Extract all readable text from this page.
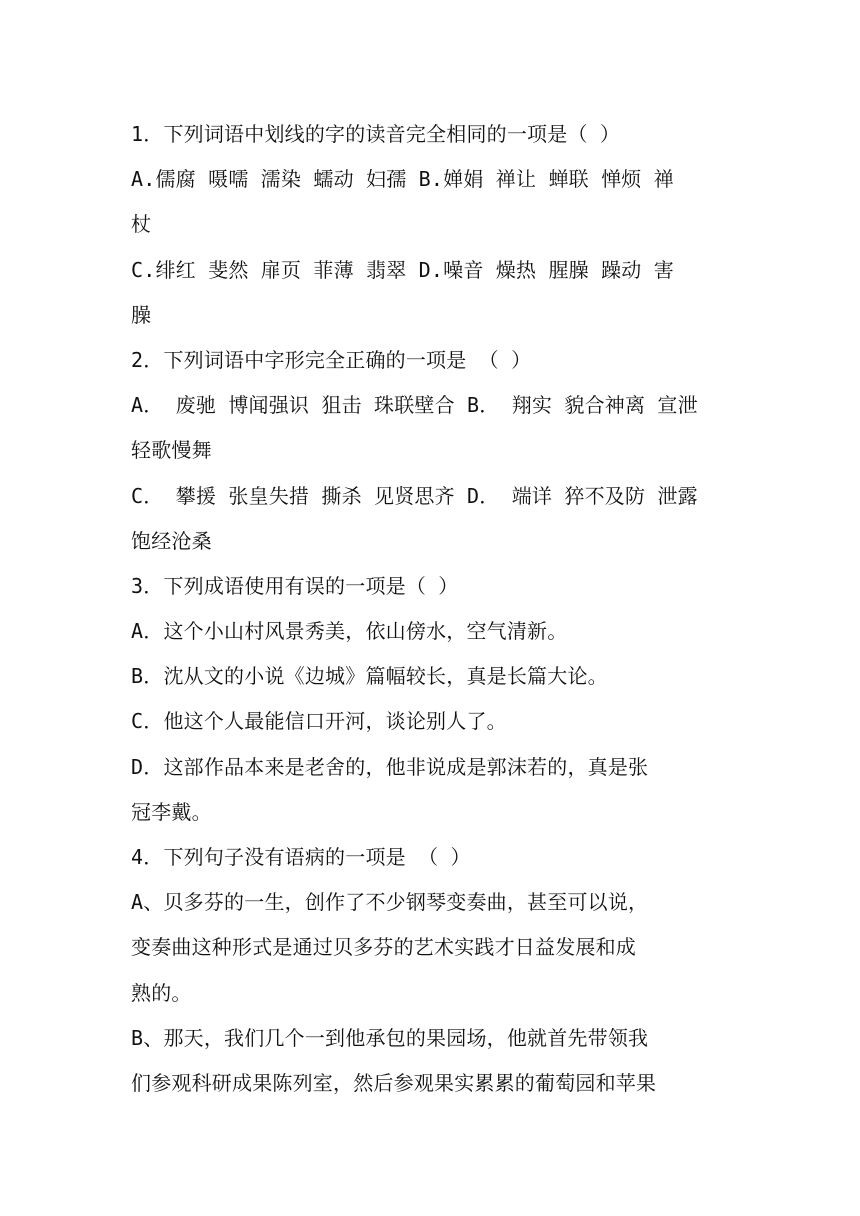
1．下列词语中划线的字的读音完全相同的一项是（ ）
A.儒腐 嗫嚅 濡染 蠕动 妇孺 B.婵娟 禅让 蝉联 惮烦 禅
杖
C.绯红 斐然 扉页 菲薄 翡翠 D.噪音 燥热 腥臊 躁动 害
臊
2．下列词语中字形完全正确的一项是 （ ）
A． 废驰 博闻强识 狙击 珠联壁合 B． 翔实 貌合神离 宣泄
轻歌慢舞
C． 攀援 张皇失措 撕杀 见贤思齐 D． 端详 猝不及防 泄露
饱经沧桑
3．下列成语使用有误的一项是（ ）
A．这个小山村风景秀美，依山傍水，空气清新。
B．沈从文的小说《边城》篇幅较长，真是长篇大论。
C．他这个人最能信口开河，谈论别人了。
D．这部作品本来是老舍的，他非说成是郭沫若的，真是张
冠李戴。
4．下列句子没有语病的一项是 （ ）
A、贝多芬的一生，创作了不少钢琴变奏曲，甚至可以说，
变奏曲这种形式是通过贝多芬的艺术实践才日益发展和成
熟的。
B、那天，我们几个一到他承包的果园场，他就首先带领我
们参观科研成果陈列室，然后参观果实累累的葡萄园和苹果
